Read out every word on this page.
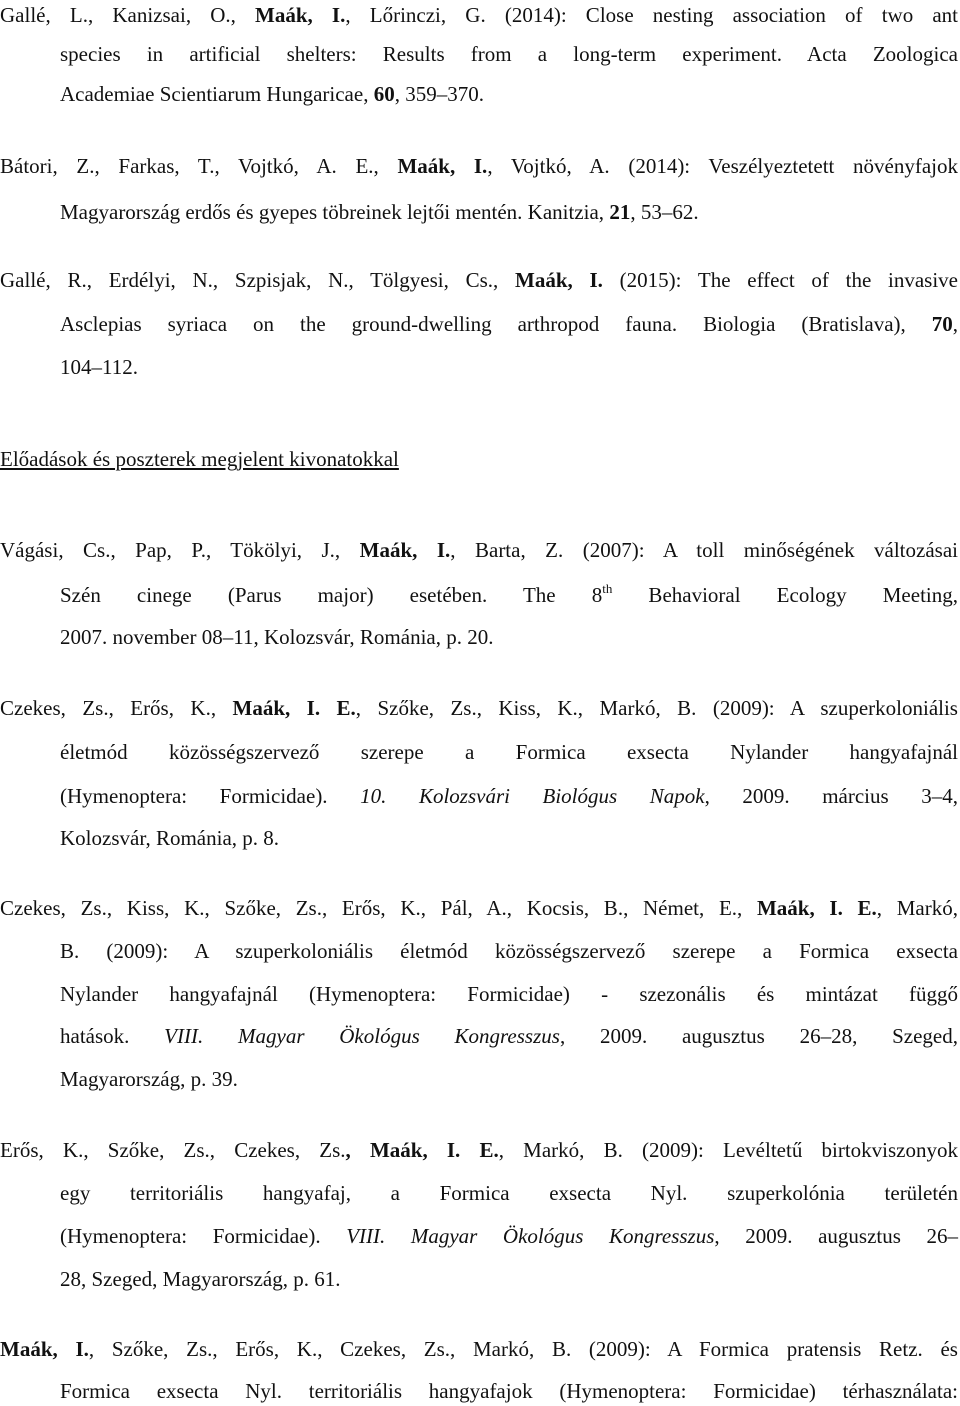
Gallé, L., Kanizsai, O., Maák, I., Lőrinczi, G. (2014): Close nesting association of two ant
species in artificial shelters: Results from a long-term experiment. Acta Zoologica
Academiae Scientiarum Hungaricae, 60, 359–370.
Bátori, Z., Farkas, T., Vojtkó, A. E., Maák, I., Vojtkó, A. (2014): Veszélyeztetett növényfajok
Magyarország erdős és gyepes töbreinek lejtői mentén. Kanitzia, 21, 53–62.
Gallé, R., Erdélyi, N., Szpisjak, N., Tölgyesi, Cs., Maák, I. (2015): The effect of the invasive
Asclepias syriaca on the ground-dwelling arthropod fauna. Biologia (Bratislava), 70,
104–112.
Előadások és poszterek megjelent kivonatokkal
Vágási, Cs., Pap, P., Tökölyi, J., Maák, I., Barta, Z. (2007): A toll minőségének változásai
Szén cinege (Parus major) esetében. The 8th Behavioral Ecology Meeting,
2007. november 08–11, Kolozsvár, Románia, p. 20.
Czekes, Zs., Erős, K., Maák, I. E., Szőke, Zs., Kiss, K., Markó, B. (2009): A szuperkoloniális
életmód közösségszervező szerepe a Formica exsecta Nylander hangyafajnál
(Hymenoptera: Formicidae). 10. Kolozsvári Biológus Napok, 2009. március 3–4,
Kolozsvár, Románia, p. 8.
Czekes, Zs., Kiss, K., Szőke, Zs., Erős, K., Pál, A., Kocsis, B., Német, E., Maák, I. E., Markó,
B. (2009): A szuperkoloniális életmód közösségszervező szerepe a Formica exsecta
Nylander hangyafajnál (Hymenoptera: Formicidae) - szezonális és mintázat függő
hatások. VIII. Magyar Ökológus Kongresszus, 2009. augusztus 26–28, Szeged,
Magyarország, p. 39.
Erős, K., Szőke, Zs., Czekes, Zs., Maák, I. E., Markó, B. (2009): Levéltetű birtokviszonyok
egy territoriális hangyafaj, a Formica exsecta Nyl. szuperkolónia területén
(Hymenoptera: Formicidae). VIII. Magyar Ökológus Kongresszus, 2009. augusztus 26–
28, Szeged, Magyarország, p. 61.
Maák, I., Szőke, Zs., Erős, K., Czekes, Zs., Markó, B. (2009): A Formica pratensis Retz. és
Formica exsecta Nyl. territoriális hangyafajok (Hymenoptera: Formicidae) térhasználata:
